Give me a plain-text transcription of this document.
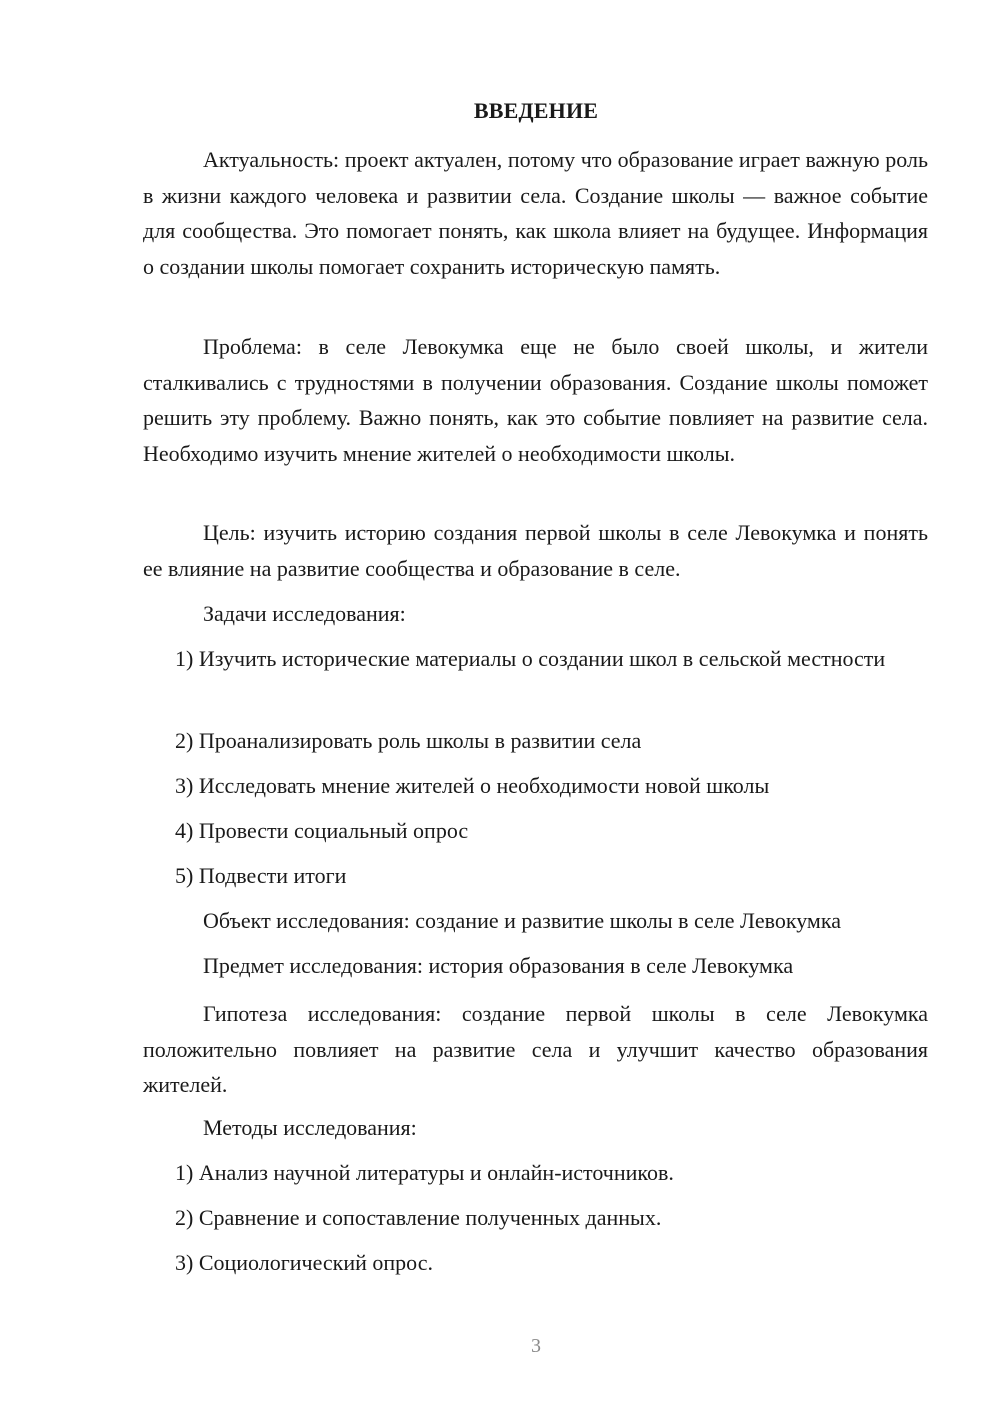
ВВЕДЕНИЕ

Актуальность: проект актуален, потому что образование играет важную роль в жизни каждого человека и развитии села. Создание школы — важное событие для сообщества. Это помогает понять, как школа влияет на будущее. Информация о создании школы помогает сохранить историческую память.

Проблема: в селе Левокумка еще не было своей школы, и жители сталкивались с трудностями в получении образования. Создание школы поможет решить эту проблему. Важно понять, как это событие повлияет на развитие села. Необходимо изучить мнение жителей о необходимости школы.

Цель: изучить историю создания первой школы в селе Левокумка и понять ее влияние на развитие сообщества и образование в селе.

Задачи исследования:

1) Изучить исторические материалы о создании школ в сельской местности

2) Проанализировать роль школы в развитии села

3) Исследовать мнение жителей о необходимости новой школы

4) Провести социальный опрос

5) Подвести итоги

Объект исследования: создание и развитие школы в селе Левокумка

Предмет исследования: история образования в селе Левокумка

Гипотеза исследования: создание первой школы в селе Левокумка положительно повлияет на развитие села и улучшит качество образования жителей.

Методы исследования:

1) Анализ научной литературы и онлайн-источников.

2) Сравнение и сопоставление полученных данных.

3) Социологический опрос.

3
